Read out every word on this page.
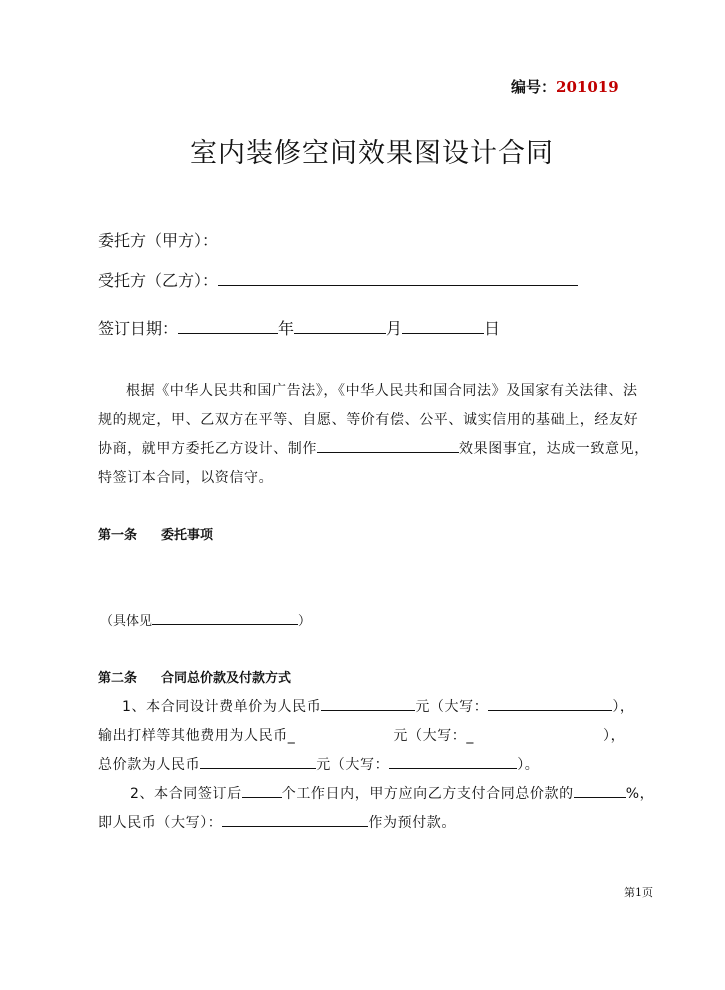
编号：201019
室内装修空间效果图设计合同
委托方（甲方）：
受托方（乙方）：
签订日期：	年	月	日
根据《中华人民共和国广告法》，《中华人民共和国合同法》及国家有关法律、法
规的规定，甲、乙双方在平等、自愿、等价有偿、公平、诚实信用的基础上，经友好
协商，就甲方委托乙方设计、制作	效果图事宜，达成一致意见，
特签订本合同，以资信守。
第一条 委托事项
（具体见	）
第二条 合同总价款及付款方式
1、本合同设计费单价为人民币	元（大写：	），
输出打样等其他费用为人民币_	元（大写：_	），
总价款为人民币	元（大写：	）。
2、本合同签订后	个工作日内，甲方应向乙方支付合同总价款的	%，
即人民币（大写）：	作为预付款。
第1页
